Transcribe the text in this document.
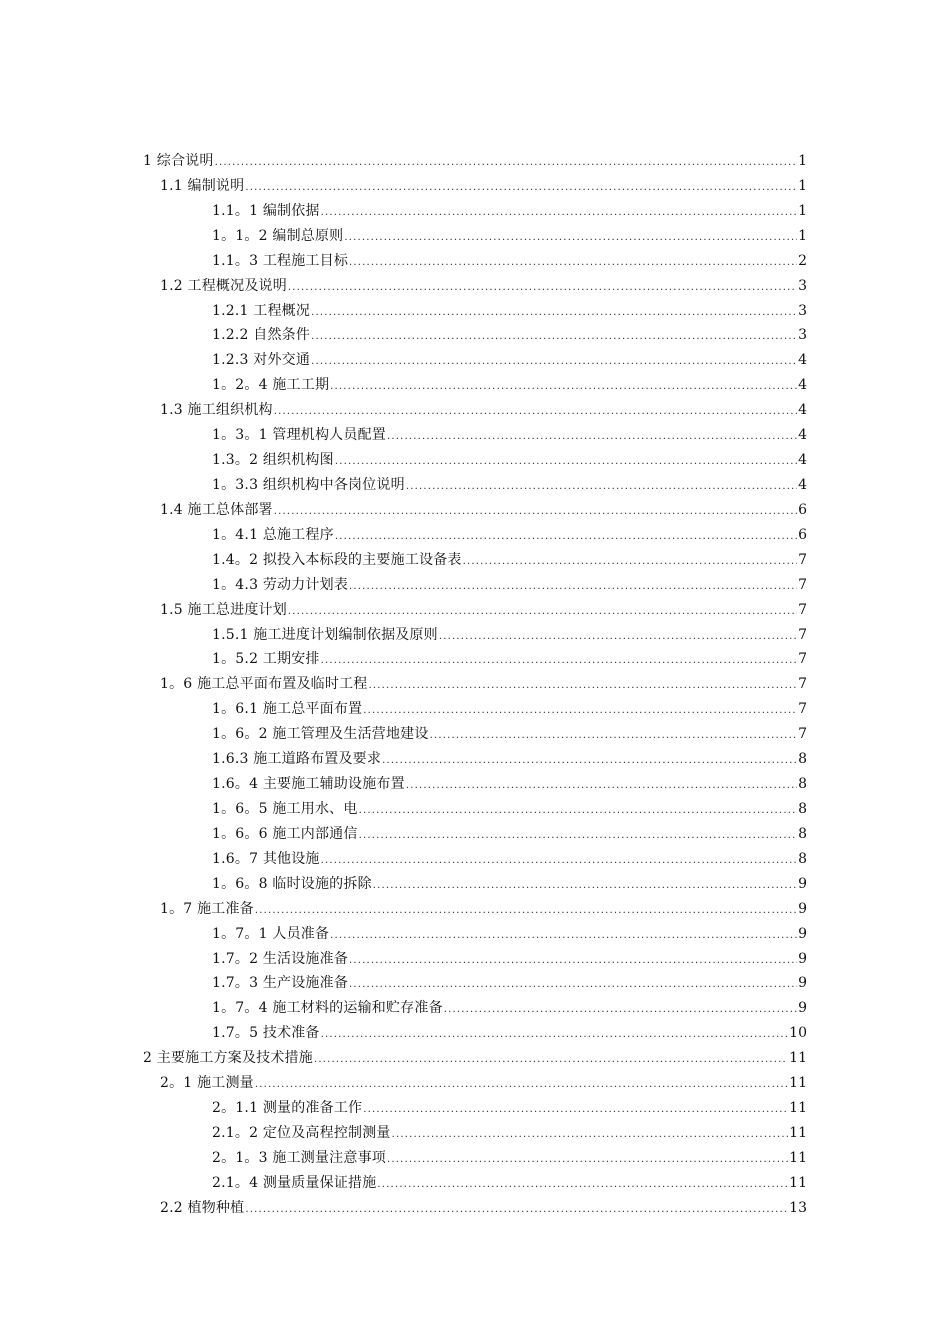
1 综合说明 .....	1
1.1 编制说明 .....	1
1.1。1 编制依据 .....	1
1。1。2 编制总原则 .....	1
1.1。3 工程施工目标 .....	2
1.2 工程概况及说明 .....	3
1.2.1 工程概况 .....	3
1.2.2 自然条件 .....	3
1.2.3 对外交通 .....	4
1。2。4 施工工期 .....	4
1.3 施工组织机构 .....	4
1。3。1 管理机构人员配置 .....	4
1.3。2 组织机构图 .....	4
1。3.3 组织机构中各岗位说明 .....	4
1.4 施工总体部署 .....	6
1。4.1 总施工程序 .....	6
1.4。2 拟投入本标段的主要施工设备表 .....	7
1。4.3 劳动力计划表 .....	7
1.5 施工总进度计划 .....	7
1.5.1 施工进度计划编制依据及原则 .....	7
1。5.2 工期安排 .....	7
1。6 施工总平面布置及临时工程 .....	7
1。6.1 施工总平面布置 .....	7
1。6。2 施工管理及生活营地建设 .....	7
1.6.3 施工道路布置及要求 .....	8
1.6。4 主要施工辅助设施布置 .....	8
1。6。5 施工用水、电 .....	8
1。6。6 施工内部通信 .....	8
1.6。7 其他设施 .....	8
1。6。8 临时设施的拆除 .....	9
1。7 施工准备 .....	9
1。7。1 人员准备 .....	9
1.7。2 生活设施准备 .....	9
1.7。3 生产设施准备 .....	9
1。7。4 施工材料的运输和贮存准备 .....	9
1.7。5 技术准备 .....	10
2 主要施工方案及技术措施 .....	11
2。1 施工测量 .....	11
2。1.1 测量的准备工作 .....	11
2.1。2 定位及高程控制测量 .....	11
2。1。3 施工测量注意事项 .....	11
2.1。4 测量质量保证措施 .....	11
2.2 植物种植 .....	13
